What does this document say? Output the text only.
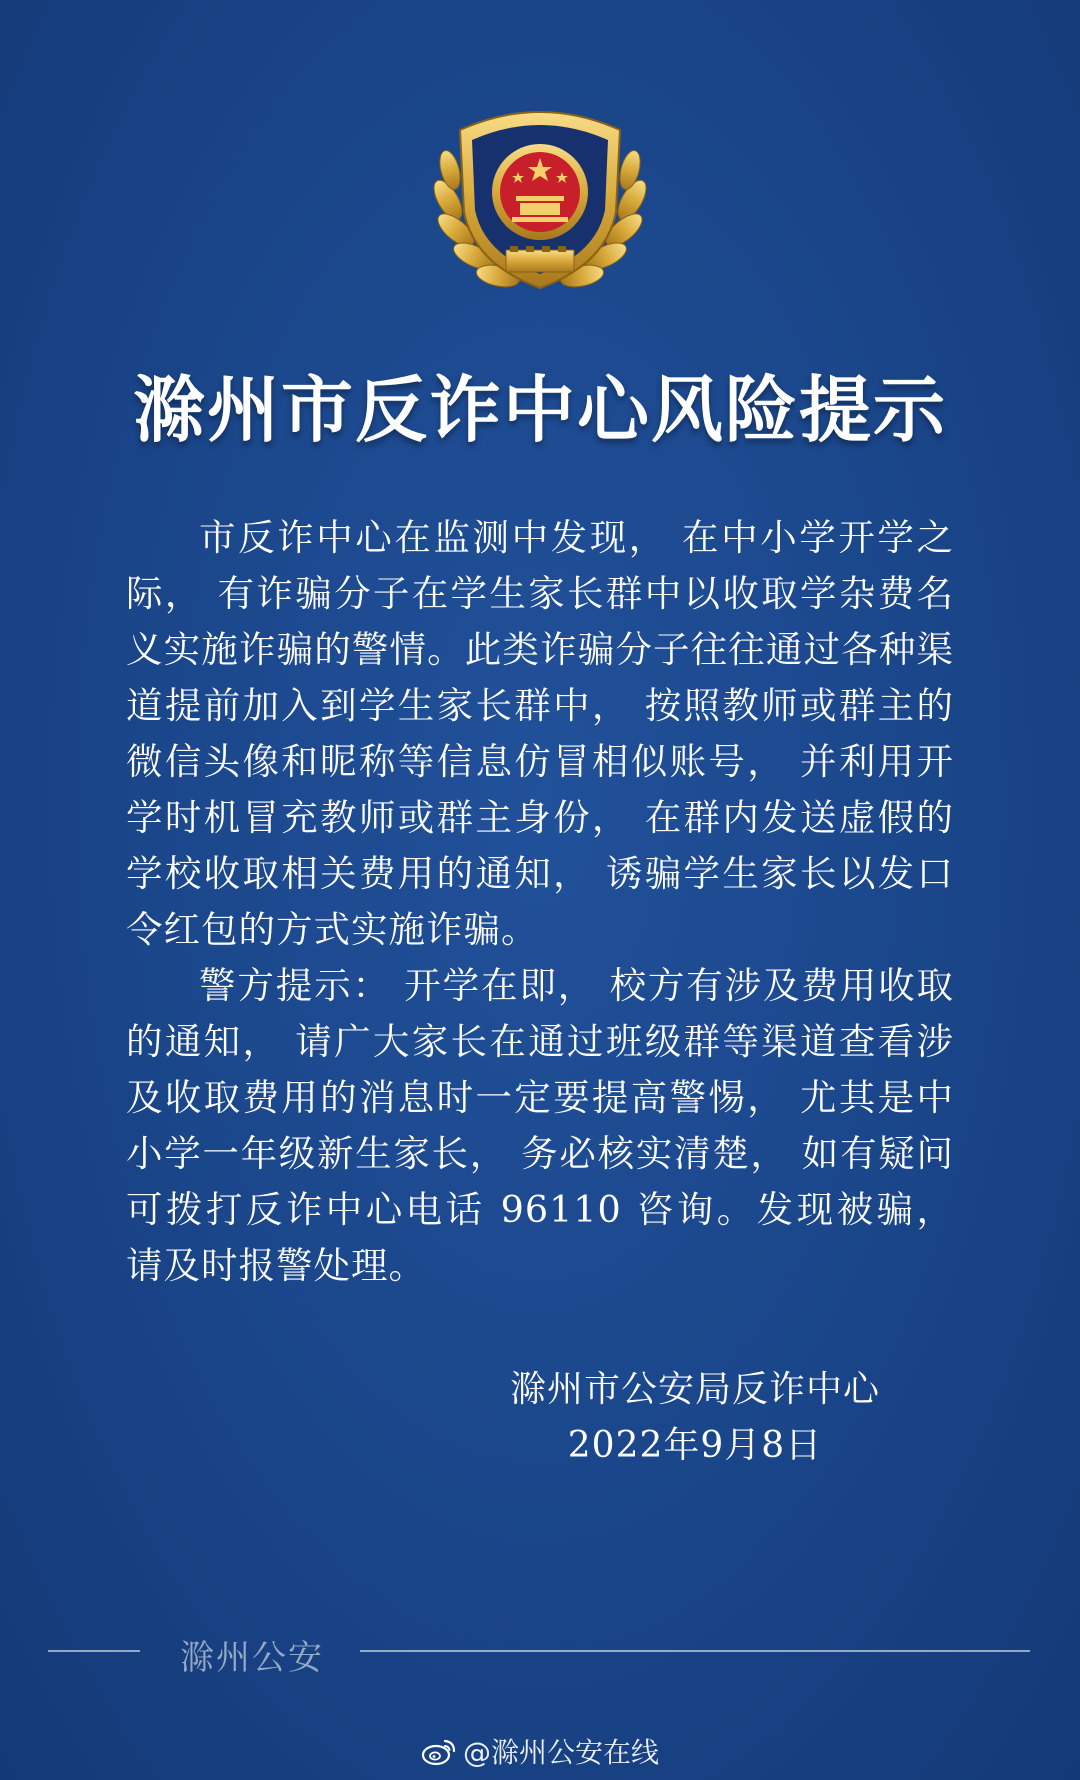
滁州市反诈中心风险提示

市反诈中心在监测中发现， 在中小学开学之际， 有诈骗分子在学生家长群中以收取学杂费名义实施诈骗的警情。此类诈骗分子往往通过各种渠道提前加入到学生家长群中， 按照教师或群主的微信头像和昵称等信息仿冒相似账号， 并利用开学时机冒充教师或群主身份， 在群内发送虚假的学校收取相关费用的通知， 诱骗学生家长以发口令红包的方式实施诈骗。

警方提示： 开学在即， 校方有涉及费用收取的通知， 请广大家长在通过班级群等渠道查看涉及收取费用的消息时一定要提高警惕， 尤其是中小学一年级新生家长， 务必核实清楚， 如有疑问可拨打反诈中心电话 96110 咨询。发现被骗， 请及时报警处理。

滁州市公安局反诈中心
2022年9月8日
滁州公安
@滁州公安在线
